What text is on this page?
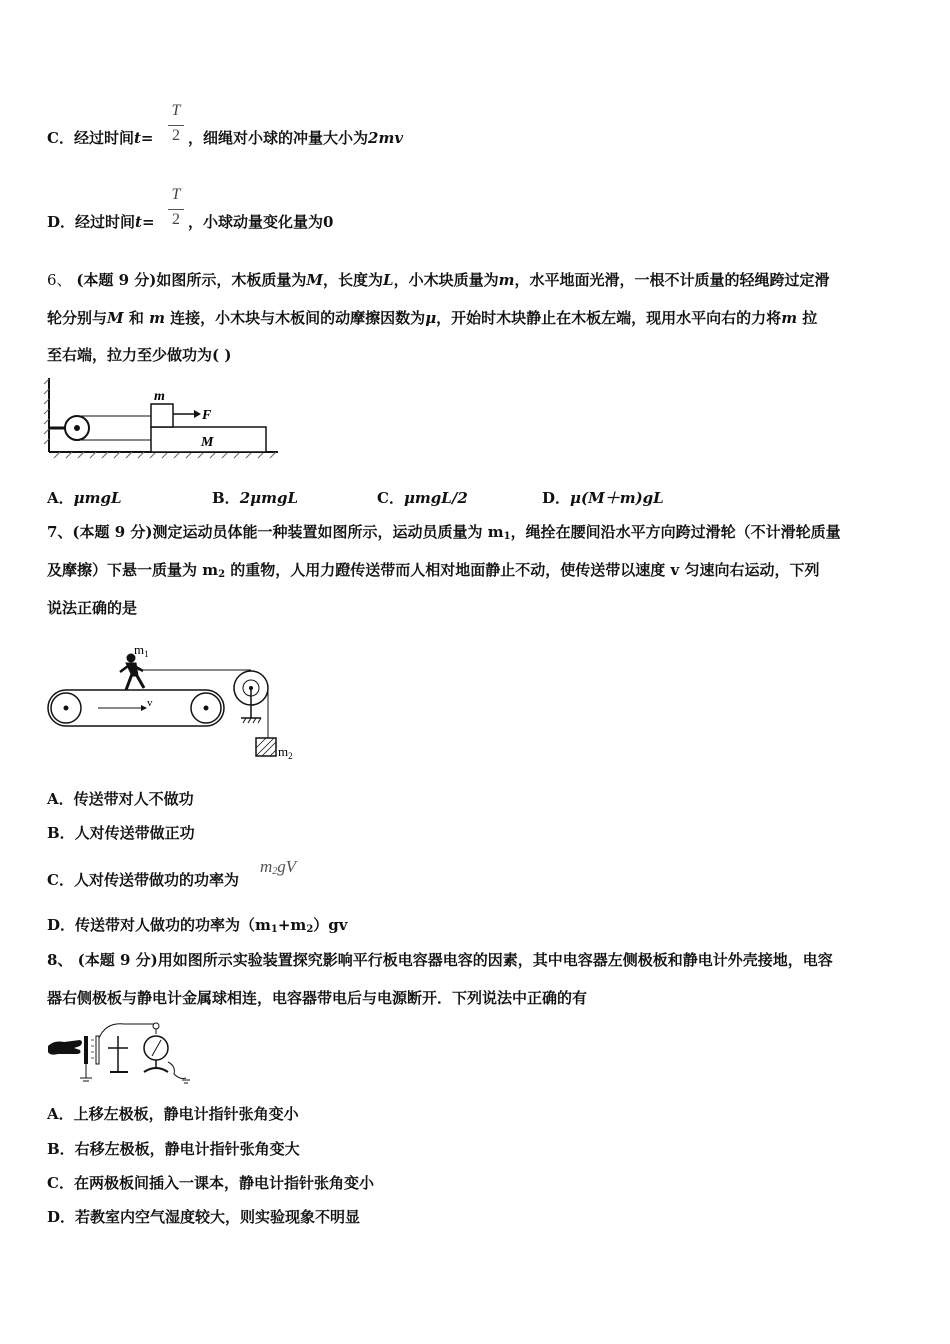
C．经过时间t=
T
2 ，细绳对小球的冲量大小为2mv
D．经过时间t=
T
2 ，小球动量变化量为0
6、 (本题 9 分)如图所示，木板质量为M，长度为L，小木块质量为m，水平地面光滑，一根不计质量的轻绳跨过定滑
轮分别与M 和 m 连接，小木块与木板间的动摩擦因数为μ，开始时木块静止在木板左端，现用水平向右的力将m 拉
至右端，拉力至少做功为( )
m
F
M
A．μmgL	B．2μmgL	C．μmgL/2	D．μ(M＋m)gL
7、(本题 9 分)测定运动员体能一种装置如图所示，运动员质量为 $m_1$，绳拴在腰间沿水平方向跨过滑轮（不计滑轮质量
及摩擦）下悬一质量为 $m_2$ 的重物，人用力蹬传送带而人相对地面静止不动，使传送带以速度 v 匀速向右运动，下列
说法正确的是
v
$m_1$
$m_2$
A．传送带对人不做功
B．人对传送带做正功
C．人对传送带做功的功率为
$m_2gV$
D．传送带对人做功的功率为$(m_1+m_2)gv$
8、 (本题 9 分)用如图所示实验装置探究影响平行板电容器电容的因素，其中电容器左侧极板和静电计外壳接地，电容
器右侧极板与静电计金属球相连，电容器带电后与电源断开．下列说法中正确的有
A．上移左极板，静电计指针张角变小
B．右移左极板，静电计指针张角变大
C．在两极板间插入一课本，静电计指针张角变小
D．若教室内空气湿度较大，则实验现象不明显
